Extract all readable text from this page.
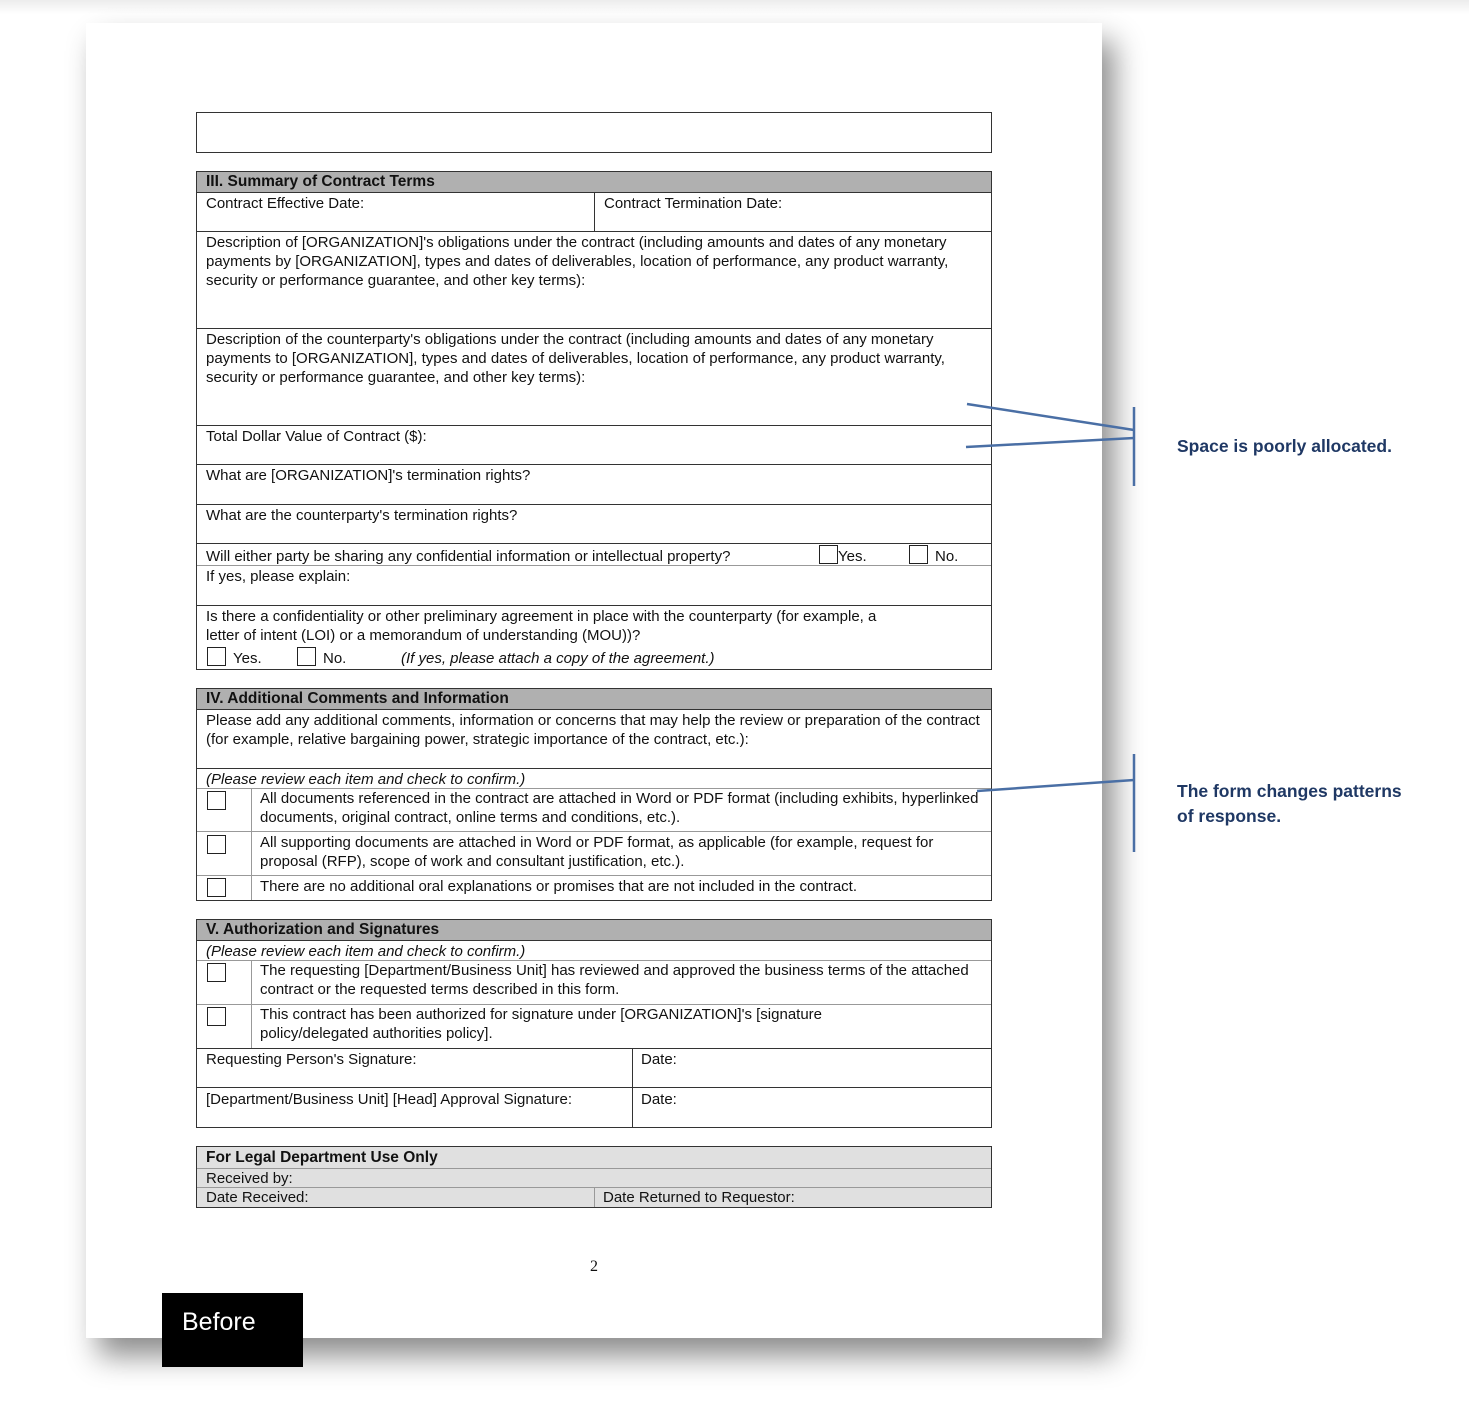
III. Summary of Contract Terms
Contract Effective Date:	Contract Termination Date:
Description of [ORGANIZATION]'s obligations under the contract (including amounts and dates of any monetary payments by [ORGANIZATION], types and dates of deliverables, location of performance, any product warranty, security or performance guarantee, and other key terms):
Description of the counterparty's obligations under the contract (including amounts and dates of any monetary payments to [ORGANIZATION], types and dates of deliverables, location of performance, any product warranty, security or performance guarantee, and other key terms):
Total Dollar Value of Contract ($):
What are [ORGANIZATION]'s termination rights?
What are the counterparty's termination rights?
Will either party be sharing any confidential information or intellectual property?	Yes.	No.
If yes, please explain:
Is there a confidentiality or other preliminary agreement in place with the counterparty (for example, a
letter of intent (LOI) or a memorandum of understanding (MOU))?
Yes.	No.	(If yes, please attach a copy of the agreement.)
IV. Additional Comments and Information
Please add any additional comments, information or concerns that may help the review or preparation of the contract (for example, relative bargaining power, strategic importance of the contract, etc.):
(Please review each item and check to confirm.)
All documents referenced in the contract are attached in Word or PDF format (including exhibits, hyperlinked documents, original contract, online terms and conditions, etc.).
All supporting documents are attached in Word or PDF format, as applicable (for example, request for proposal (RFP), scope of work and consultant justification, etc.).
There are no additional oral explanations or promises that are not included in the contract.
V. Authorization and Signatures
(Please review each item and check to confirm.)
The requesting [Department/Business Unit] has reviewed and approved the business terms of the attached contract or the requested terms described in this form.
This contract has been authorized for signature under [ORGANIZATION]'s [signature policy/delegated authorities policy].
Requesting Person's Signature:	Date:
[Department/Business Unit] [Head] Approval Signature:	Date:
For Legal Department Use Only
Received by:
Date Received:	Date Returned to Requestor:
2
Before
Space is poorly allocated.
The form changes patterns
of response.
